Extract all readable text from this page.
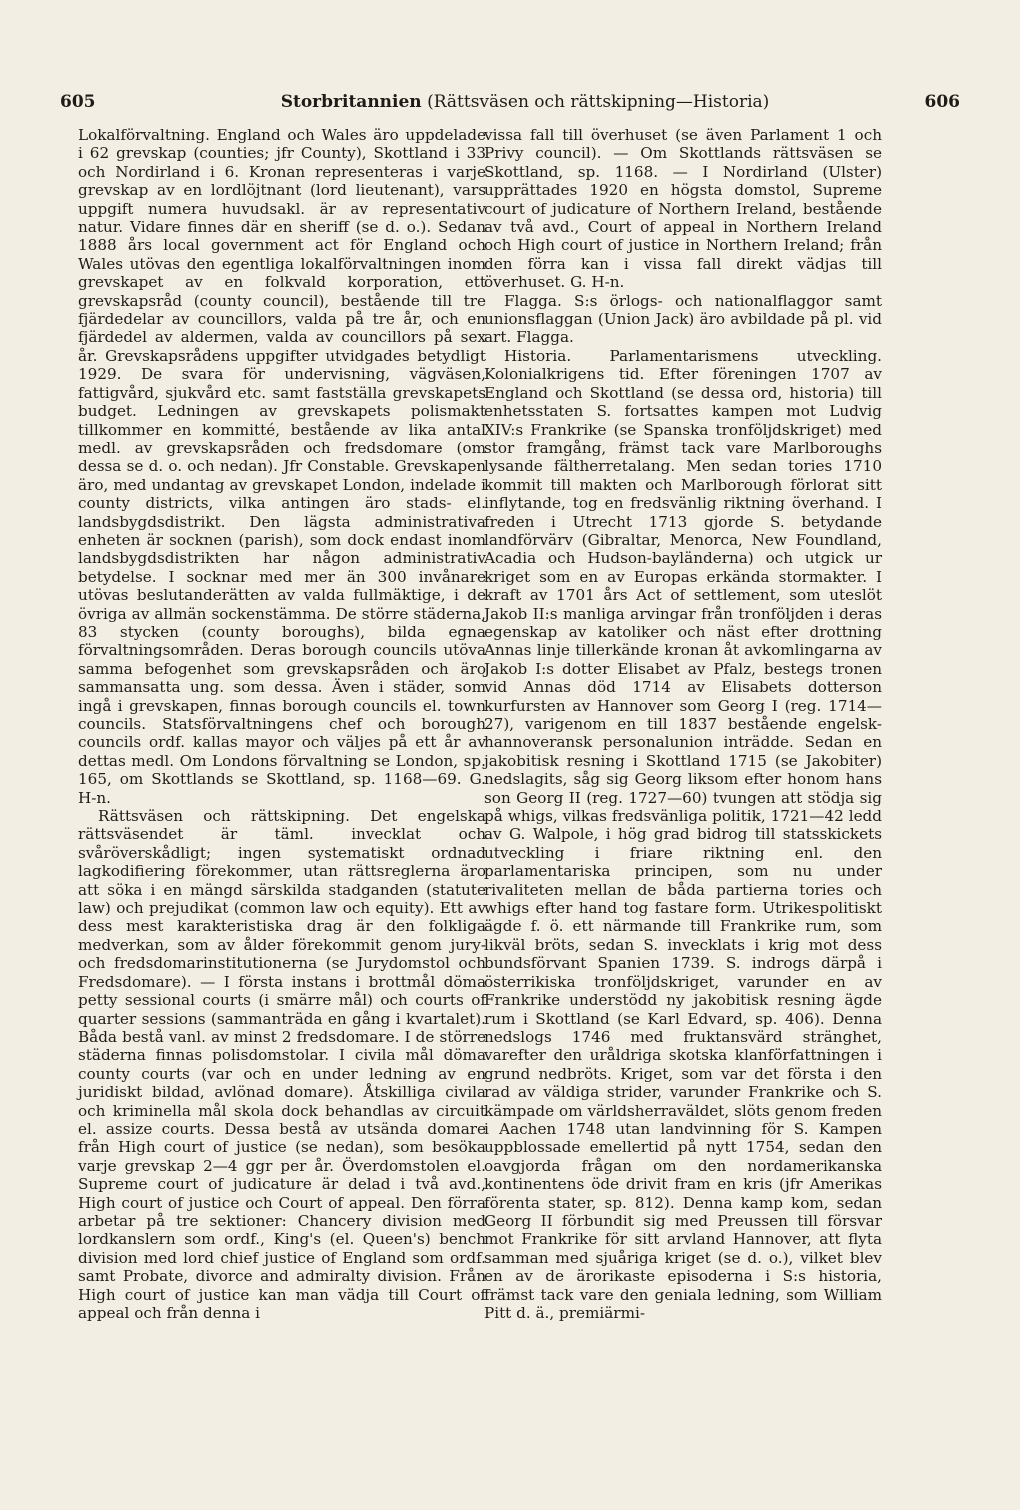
605	Storbritannien (Rättsväsen och rättskipning—Historia)	606

Lokalförvaltning. England och Wales äro uppdelade i 62 grevskap (counties; jfr County), Skottland i 33 och Nordirland i 6. Kronan representeras i varje grevskap av en lordlöjtnant (lord lieutenant), vars uppgift numera huvudsakl. är av representativ natur. Vidare finnes där en sheriff (se d. o.). Sedan 1888 års local government act för England och Wales utövas den egentliga lokalförvaltningen inom grevskapet av en folkvald korporation, ett grevskapsråd (county council), bestående till tre fjärdedelar av councillors, valda på tre år, och en fjärdedel av aldermen, valda av councillors på sex år. Grevskapsrådens uppgifter utvidgades betydligt 1929. De svara för undervisning, vägväsen, fattigvård, sjukvård etc. samt fastställa grevskapets budget. Ledningen av grevskapets polismakt tillkommer en kommitté, bestående av lika antal medl. av grevskapsråden och fredsdomare (om dessa se d. o. och nedan). Jfr Constable. Grevskapen äro, med undantag av grevskapet London, indelade i county districts, vilka antingen äro stads- el. landsbygdsdistrikt. Den lägsta administrativa enheten är socknen (parish), som dock endast inom landsbygdsdistrikten har någon administrativ betydelse. I socknar med mer än 300 invånare utövas beslutanderätten av valda fullmäktige, i de övriga av allmän sockenstämma. De större städerna, 83 stycken (county boroughs), bilda egna förvaltningsområden. Deras borough councils utöva samma befogenhet som grevskapsråden och äro sammansatta ung. som dessa. Även i städer, som ingå i grevskapen, finnas borough councils el. town councils. Statsförvaltningens chef och borough councils ordf. kallas mayor och väljes på ett år av dettas medl. Om Londons förvaltning se London, sp. 165, om Skottlands se Skottland, sp. 1168—69. G. H-n.

Rättsväsen och rättskipning. Det engelska rättsväsendet är täml. invecklat och svåröverskådligt; ingen systematiskt ordnad lagkodifiering förekommer, utan rättsreglerna äro att söka i en mängd särskilda stadganden (statute law) och prejudikat (common law och equity). Ett av dess mest karakteristiska drag är den folkliga medverkan, som av ålder förekommit genom jury- och fredsdomarinstitutionerna (se Jurydomstol och Fredsdomare). — I första instans i brottmål döma petty sessional courts (i smärre mål) och courts of quarter sessions (sammanträda en gång i kvartalet). Båda bestå vanl. av minst 2 fredsdomare. I de större städerna finnas polisdomstolar. I civila mål döma county courts (var och en under ledning av en juridiskt bildad, avlönad domare). Åtskilliga civila och kriminella mål skola dock behandlas av circuit el. assize courts. Dessa bestå av utsända domare från High court of justice (se nedan), som besöka varje grevskap 2—4 ggr per år. Överdomstolen el. Supreme court of judicature är delad i två avd., High court of justice och Court of appeal. Den förra arbetar på tre sektioner: Chancery division med lordkanslern som ordf., King's (el. Queen's) bench division med lord chief justice of England som ordf. samt Probate, divorce and admiralty division. Från High court of justice kan man vädja till Court of appeal och från denna i

vissa fall till överhuset (se även Parlament 1 och Privy council). — Om Skottlands rättsväsen se Skottland, sp. 1168. — I Nordirland (Ulster) upprättades 1920 en högsta domstol, Supreme court of judicature of Northern Ireland, bestående av två avd., Court of appeal in Northern Ireland och High court of justice in Northern Ireland; från den förra kan i vissa fall direkt vädjas till överhuset. G. H-n.

Flagga. S:s örlogs- och nationalflaggor samt unionsflaggan (Union Jack) äro avbildade på pl. vid art. Flagga.

Historia. Parlamentarismens utveckling. Kolonialkrigens tid. Efter föreningen 1707 av England och Skottland (se dessa ord, historia) till enhetsstaten S. fortsattes kampen mot Ludvig XIV:s Frankrike (se Spanska tronföljdskriget) med stor framgång, främst tack vare Marlboroughs lysande fältherretalang. Men sedan tories 1710 kommit till makten och Marlborough förlorat sitt inflytande, tog en fredsvänlig riktning överhand. I freden i Utrecht 1713 gjorde S. betydande landförvärv (Gibraltar, Menorca, New Foundland, Acadia och Hudson-bayländerna) och utgick ur kriget som en av Europas erkända stormakter. I kraft av 1701 års Act of settlement, som uteslöt Jakob II:s manliga arvingar från tronföljden i deras egenskap av katoliker och näst efter drottning Annas linje tillerkände kronan åt avkomlingarna av Jakob I:s dotter Elisabet av Pfalz, bestegs tronen vid Annas död 1714 av Elisabets dotterson kurfursten av Hannover som Georg I (reg. 1714—27), varigenom en till 1837 bestående engelsk-hannoveransk personalunion inträdde. Sedan en jakobitisk resning i Skottland 1715 (se Jakobiter) nedslagits, såg sig Georg liksom efter honom hans son Georg II (reg. 1727—60) tvungen att stödja sig på whigs, vilkas fredsvänliga politik, 1721—42 ledd av G. Walpole, i hög grad bidrog till statsskickets utveckling i friare riktning enl. den parlamentariska principen, som nu under rivaliteten mellan de båda partierna tories och whigs efter hand tog fastare form. Utrikespolitiskt ägde f. ö. ett närmande till Frankrike rum, som likväl bröts, sedan S. invecklats i krig mot dess bundsförvant Spanien 1739. S. indrogs därpå i österrikiska tronföljdskriget, varunder en av Frankrike understödd ny jakobitisk resning ägde rum i Skottland (se Karl Edvard, sp. 406). Denna nedslogs 1746 med fruktansvärd stränghet, varefter den uråldriga skotska klanförfattningen i grund nedbröts. Kriget, som var det första i den rad av väldiga strider, varunder Frankrike och S. kämpade om världsherraväldet, slöts genom freden i Aachen 1748 utan landvinning för S. Kampen uppblossade emellertid på nytt 1754, sedan den oavgjorda frågan om den nordamerikanska kontinentens öde drivit fram en kris (jfr Amerikas förenta stater, sp. 812). Denna kamp kom, sedan Georg II förbundit sig med Preussen till försvar mot Frankrike för sitt arvland Hannover, att flyta samman med sjuåriga kriget (se d. o.), vilket blev en av de ärorikaste episoderna i S:s historia, främst tack vare den geniala ledning, som William Pitt d. ä., premiärmi-
